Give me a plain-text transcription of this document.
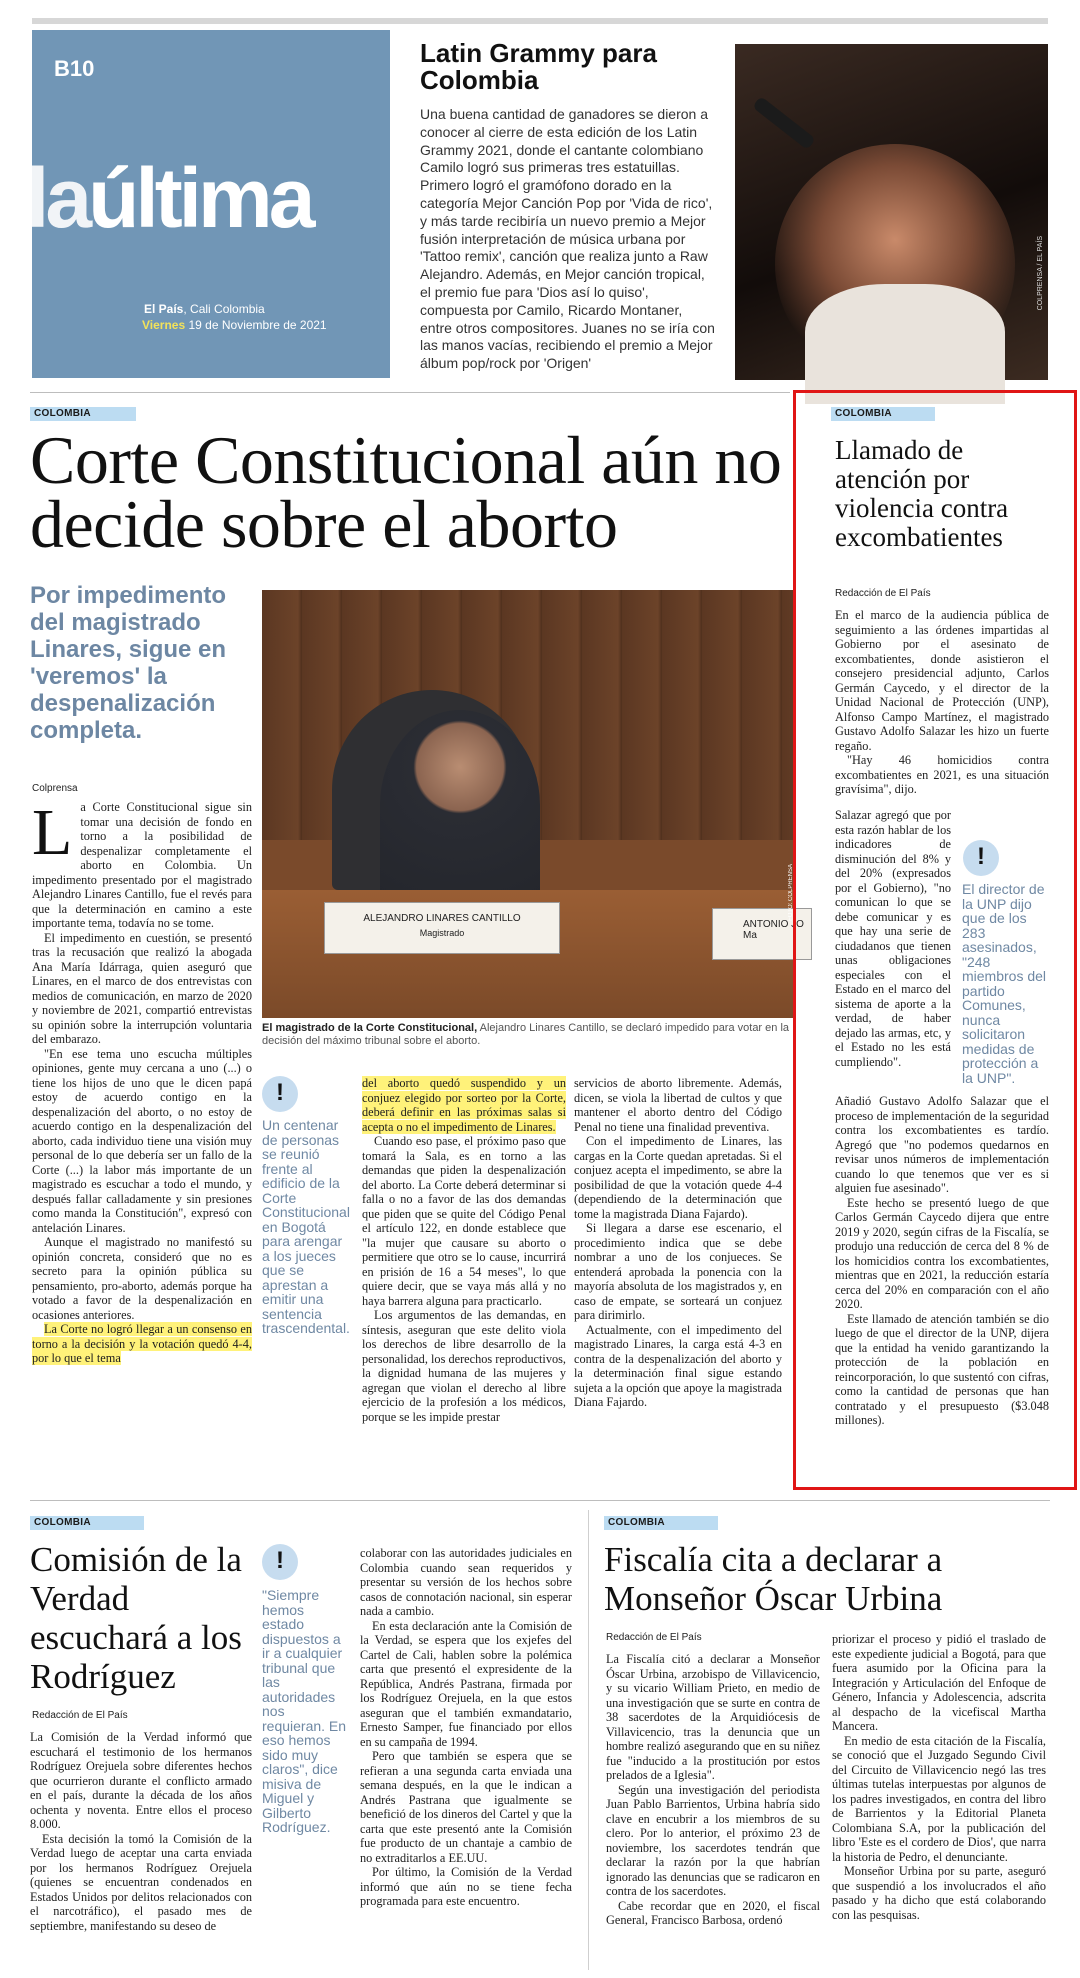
B10
laúltima
El País, Cali Colombia
Viernes 19 de Noviembre de 2021
Latin Grammy para Colombia
Una buena cantidad de ganadores se dieron a conocer al cierre de esta edición de los Latin Grammy 2021, donde el cantante colombiano Camilo logró sus primeras tres estatuillas. Primero logró el gramófono dorado en la categoría Mejor Canción Pop por 'Vida de rico', y más tarde recibiría un nuevo premio a Mejor fusión interpretación de música urbana por 'Tattoo remix', canción que realiza junto a Raw Alejandro. Además, en Mejor canción tropical, el premio fue para 'Dios así lo quiso', compuesta por Camilo, Ricardo Montaner, entre otros compositores. Juanes no se iría con las manos vacías, recibiendo el premio a Mejor álbum pop/rock por 'Origen'
COLPRENSA / EL PAÍS
COLOMBIA
Corte Constitucional aún no decide sobre el aborto
Por impedimento del magistrado Linares, sigue en 'veremos' la despenalización completa.
Colprensa
ALEJANDRO LINARES CANTILLO
Magistrado
ANTONIO JO
Ma
FOTO: COLPRENSA
El magistrado de la Corte Constitucional, Alejandro Linares Cantillo, se declaró impedido para votar en la decisión del máximo tribunal sobre el aborto.

La Corte Constitucional sigue sin tomar una decisión de fondo en torno a la posibilidad de despenalizar completamente el aborto en Colombia. Un impedimento presentado por el magistrado Alejandro Linares Cantillo, fue el revés para que la determinación en camino a este importante tema, todavía no se tome.

El impedimento en cuestión, se presentó tras la recusación que realizó la abogada Ana María Idárraga, quien aseguró que Linares, en el marco de dos entrevistas con medios de comunicación, en marzo de 2020 y noviembre de 2021, compartió entrevistas su opinión sobre la interrupción voluntaria del embarazo.

"En ese tema uno escucha múltiples opiniones, gente muy cercana a uno (...) o tiene los hijos de uno que le dicen papá estoy de acuerdo contigo en la despenalización del aborto, o no estoy de acuerdo contigo en la despenalización del aborto, cada individuo tiene una visión muy personal de lo que debería ser un fallo de la Corte (...) la labor más importante de un magistrado es escuchar a todo el mundo, y después fallar calladamente y sin presiones como manda la Constitución", expresó con antelación Linares.

Aunque el magistrado no manifestó su opinión concreta, consideró que no es secreto para la opinión pública su pensamiento, pro-aborto, además porque ha votado a favor de la despenalización en ocasiones anteriores.

La Corte no logró llegar a un consenso en torno a la decisión y la votación quedó 4-4, por lo que el tema

!
Un centenar de personas se reunió frente al edificio de la Corte Constitucional en Bogotá para arengar a los jueces que se aprestan a emitir una sentencia trascendental.

del aborto quedó suspendido y un conjuez elegido por sorteo por la Corte, deberá definir en las próximas salas si acepta o no el impedimento de Linares.

Cuando eso pase, el próximo paso que tomará la Sala, es en torno a las demandas que piden la despenalización del aborto. La Corte deberá determinar si falla o no a favor de las dos demandas que piden que se quite del Código Penal el artículo 122, en donde establece que "la mujer que causare su aborto o permitiere que otro se lo cause, incurrirá en prisión de 16 a 54 meses", lo que quiere decir, que se vaya más allá y no haya barrera alguna para practicarlo.

Los argumentos de las demandas, en síntesis, aseguran que este delito viola los derechos de libre desarrollo de la personalidad, los derechos reproductivos, la dignidad humana de las mujeres y agregan que violan el derecho al libre ejercicio de la profesión a los médicos, porque se les impide prestar

servicios de aborto libremente. Además, dicen, se viola la libertad de cultos y que mantener el aborto dentro del Código Penal no tiene una finalidad preventiva.

Con el impedimento de Linares, las cargas en la Corte quedan apretadas. Si el conjuez acepta el impedimento, se abre la posibilidad de que la votación quede 4-4 (dependiendo de la determinación que tome la magistrada Diana Fajardo).

Si llegara a darse ese escenario, el procedimiento indica que se debe nombrar a uno de los conjueces. Se entenderá aprobada la ponencia con la mayoría absoluta de los magistrados y, en caso de empate, se sorteará un conjuez para dirimirlo.

Actualmente, con el impedimento del magistrado Linares, la carga está 4-3 en contra de la despenalización del aborto y la determinación final sigue estando sujeta a la opción que apoye la magistrada Diana Fajardo.

COLOMBIA
Llamado de atención por violencia contra excombatientes
Redacción de El País

En el marco de la audiencia pública de seguimiento a las órdenes impartidas al Gobierno por el asesinato de excombatientes, donde asistieron el consejero presidencial adjunto, Carlos Germán Caycedo, y el director de la Unidad Nacional de Protección (UNP), Alfonso Campo Martínez, el magistrado Gustavo Adolfo Salazar les hizo un fuerte regaño.

"Hay 46 homicidios contra excombatientes en 2021, es una situación gravísima", dijo.

Salazar agregó que por esta razón hablar de los indicadores de disminución del 8% y del 20% (expresados por el Gobierno), "no comunican lo que se debe comunicar y es que hay una serie de ciudadanos que tienen unas obligaciones especiales con el Estado en el marco del sistema de aporte a la verdad, de haber dejado las armas, etc, y el Estado no les está cumpliendo".

!
El director de la UNP dijo que de los 283 asesinados, "248 miembros del partido Comunes, nunca solicitaron medidas de protección a la UNP".

Añadió Gustavo Adolfo Salazar que el proceso de implementación de la seguridad contra los excombatientes es tardío. Agregó que "no podemos quedarnos en revisar unos números de implementación cuando lo que tenemos que ver es si alguien fue asesinado".

Este hecho se presentó luego de que Carlos Germán Caycedo dijera que entre 2019 y 2020, según cifras de la Fiscalía, se produjo una reducción de cerca del 8 % de los homicidios contra los excombatientes, mientras que en 2021, la reducción estaría cerca del 20% en comparación con el año 2020.

Este llamado de atención también se dio luego de que el director de la UNP, dijera que la entidad ha venido garantizando la protección de la población en reincorporación, lo que sustentó con cifras, como la cantidad de personas que han contratado y el presupuesto ($3.048 millones).

COLOMBIA
Comisión de la Verdad escuchará a los Rodríguez
Redacción de El País

La Comisión de la Verdad informó que escuchará el testimonio de los hermanos Rodríguez Orejuela sobre diferentes hechos que ocurrieron durante el conflicto armado en el país, durante la década de los años ochenta y noventa. Entre ellos el proceso 8.000.

Esta decisión la tomó la Comisión de la Verdad luego de aceptar una carta enviada por los hermanos Rodríguez Orejuela (quienes se encuentran condenados en Estados Unidos por delitos relacionados con el narcotráfico), el pasado mes de septiembre, manifestando su deseo de

!
"Siempre hemos estado dispuestos a ir a cualquier tribunal que las autoridades nos requieran. En eso hemos sido muy claros", dice misiva de Miguel y Gilberto Rodríguez.

colaborar con las autoridades judiciales en Colombia cuando sean requeridos y presentar su versión de los hechos sobre casos de connotación nacional, sin esperar nada a cambio.

En esta declaración ante la Comisión de la Verdad, se espera que los exjefes del Cartel de Cali, hablen sobre la polémica carta que presentó el expresidente de la República, Andrés Pastrana, firmada por los Rodríguez Orejuela, en la que estos aseguran que el también exmandatario, Ernesto Samper, fue financiado por ellos en su campaña de 1994.

Pero que también se espera que se refieran a una segunda carta enviada una semana después, en la que le indican a Andrés Pastrana que igualmente se benefició de los dineros del Cartel y que la carta que este presentó ante la Comisión fue producto de un chantaje a cambio de no extraditarlos a EE.UU.

Por último, la Comisión de la Verdad informó que aún no se tiene fecha programada para este encuentro.

COLOMBIA
Fiscalía cita a declarar a Monseñor Óscar Urbina
Redacción de El País

La Fiscalía citó a declarar a Monseñor Óscar Urbina, arzobispo de Villavicencio, y su vicario William Prieto, en medio de una investigación que se surte en contra de 38 sacerdotes de la Arquidiócesis de Villavicencio, tras la denuncia que un hombre realizó asegurando que en su niñez fue "inducido a la prostitución por estos prelados de a Iglesia".

Según una investigación del periodista Juan Pablo Barrientos, Urbina habría sido clave en encubrir a los miembros de su clero. Por lo anterior, el próximo 23 de noviembre, los sacerdotes tendrán que declarar la razón por la que habrían ignorado las denuncias que se radicaron en contra de los sacerdotes.

Cabe recordar que en 2020, el fiscal General, Francisco Barbosa, ordenó

priorizar el proceso y pidió el traslado de este expediente judicial a Bogotá, para que fuera asumido por la Oficina para la Integración y Articulación del Enfoque de Género, Infancia y Adolescencia, adscrita al despacho de la vicefiscal Martha Mancera.

En medio de esta citación de la Fiscalía, se conoció que el Juzgado Segundo Civil del Circuito de Villavicencio negó las tres últimas tutelas interpuestas por algunos de los padres investigados, en contra del libro de Barrientos y la Editorial Planeta Colombiana S.A, por la publicación del libro 'Este es el cordero de Dios', que narra la historia de Pedro, el denunciante.

Monseñor Urbina por su parte, aseguró que suspendió a los involucrados el año pasado y ha dicho que está colaborando con las pesquisas.
